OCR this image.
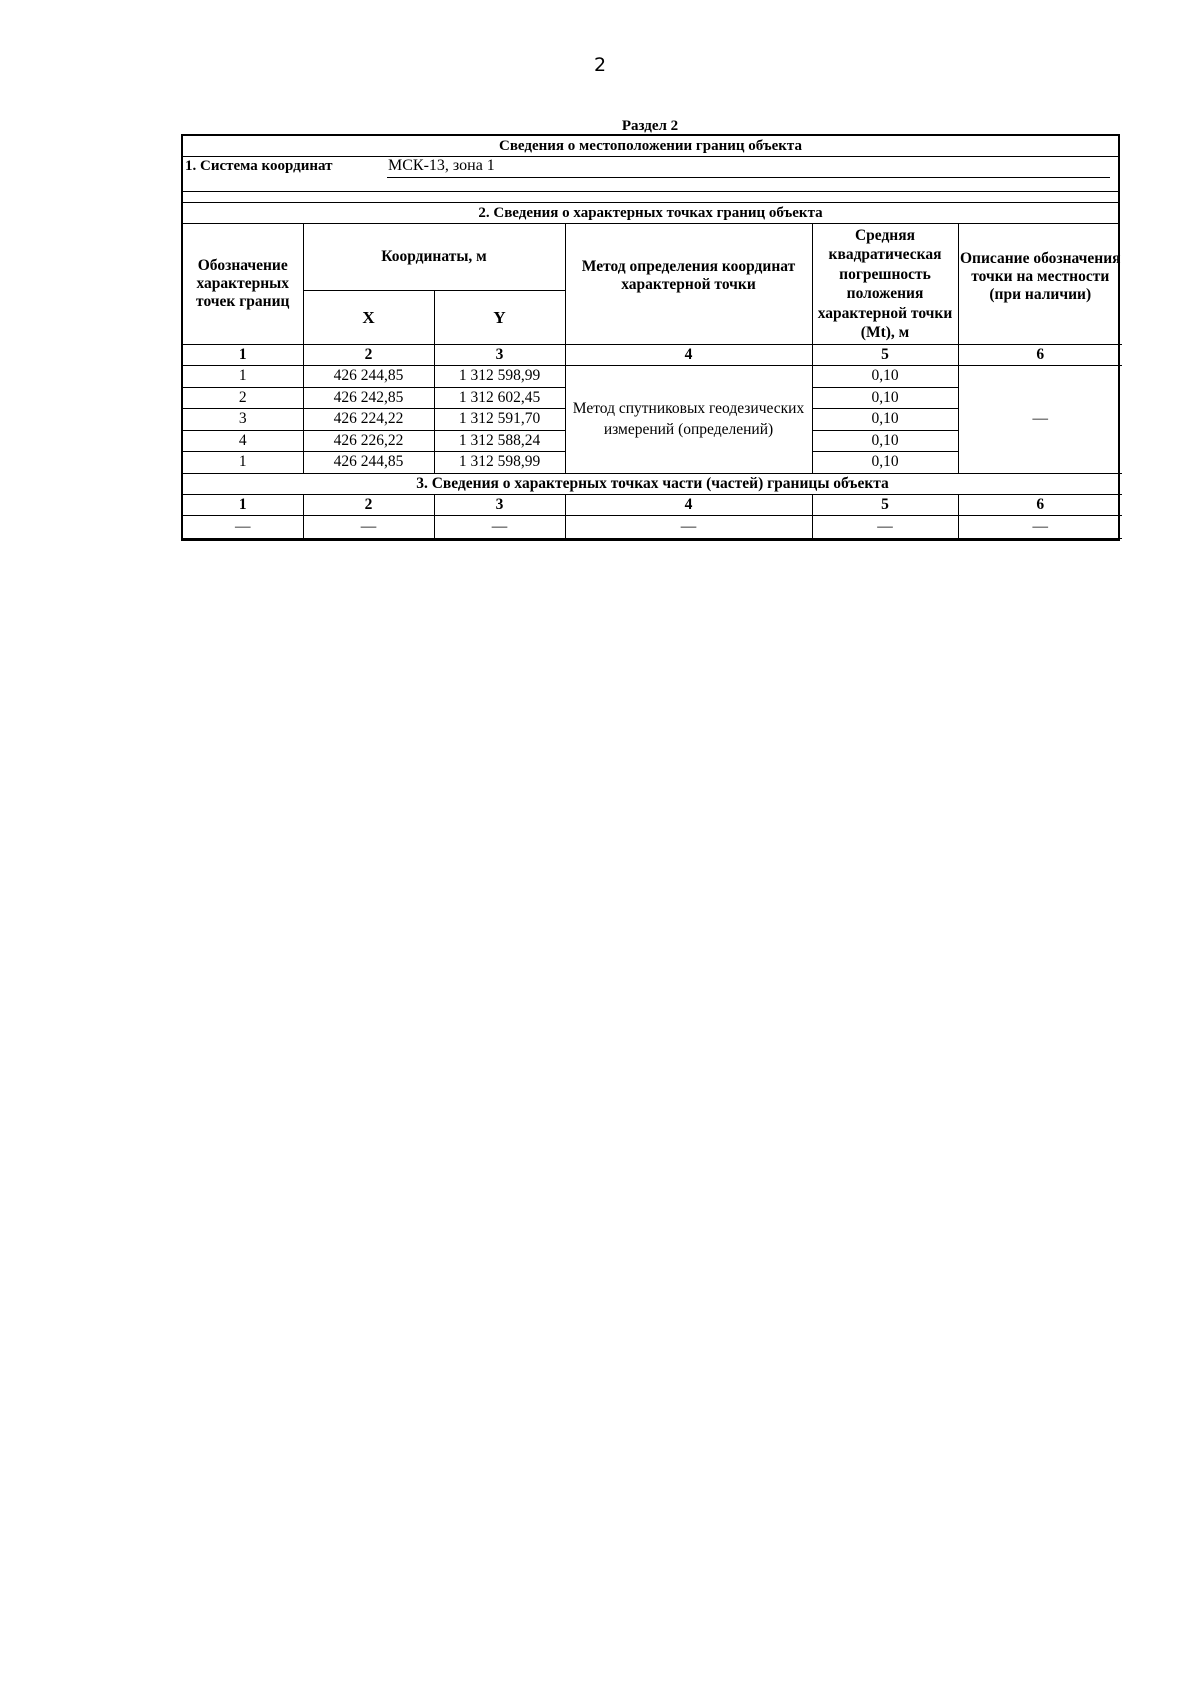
2
Раздел 2
Сведения о местоположении границ объекта
1. Система координат	МСК-13, зона 1
2. Сведения о характерных точках границ объекта
Обозначение характерных точек границ	Координаты, м		Метод определения координат характерной точки	Средняя квадратическая погрешность положения характерной точки (Mt), м	Описание обозначения точки на местности (при наличии)
	X	Y			
1	2	3	4	5	6
1	426 244,85	1 312 598,99	Метод спутниковых геодезических измерений (определений)	0,10	—
2	426 242,85	1 312 602,45		0,10	
3	426 224,22	1 312 591,70		0,10	
4	426 226,22	1 312 588,24		0,10	
1	426 244,85	1 312 598,99		0,10	
3. Сведения о характерных точках части (частей) границы объекта					
1	2	3	4	5	6
—	—	—	—	—	—
